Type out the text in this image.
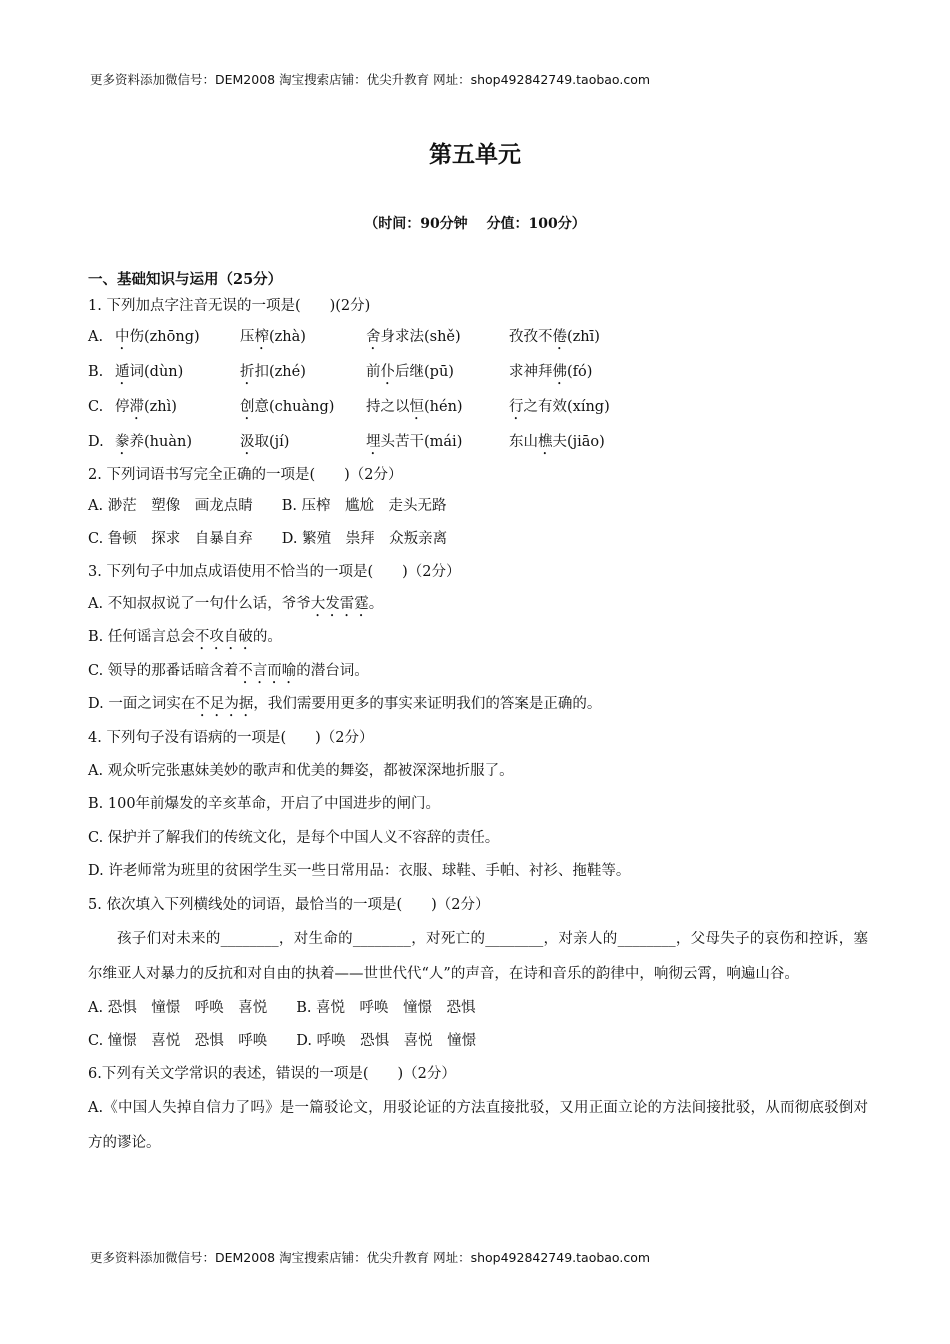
更多资料添加微信号：DEM2008 淘宝搜索店铺：优尖升教育 网址：shop492842749.taobao.com
第五单元
（时间：90分钟　 分值：100分）
一、基础知识与运用（25分）
1. 下列加点字注音无误的一项是(　　)(2分)
A. 中伤(zhōng)	压榨(zhà)	舍身求法(shě)	孜孜不倦(zhī)
B. 遁词(dùn)	折扣(zhé)	前仆后继(pū)	求神拜佛(fó)
C. 停滞(zhì)	创意(chuàng) 持之以恒(hén)	行之有效(xíng)
D. 豢养(huàn)	汲取(jí)	埋头苦干(mái)	东山樵夫(jiāo)
2. 下列词语书写完全正确的一项是(　　)（2分）
A. 渺茫　塑像　画龙点睛　　B. 压榨　尴尬　走头无路
C. 鲁顿　探求　自暴自弃　　D. 繁殖　祟拜　众叛亲离
3. 下列句子中加点成语使用不恰当的一项是(　　)（2分）
A. 不知叔叔说了一句什么话，爷爷大发雷霆。
B. 任何谣言总会不攻自破的。
C. 领导的那番话暗含着不言而喻的潜台词。
D. 一面之词实在不足为据，我们需要用更多的事实来证明我们的答案是正确的。
4. 下列句子没有语病的一项是(　　)（2分）
A. 观众听完张惠妹美妙的歌声和优美的舞姿，都被深深地折服了。
B. 100年前爆发的辛亥革命，开启了中国进步的闸门。
C. 保护并了解我们的传统文化，是每个中国人义不容辞的责任。
D. 许老师常为班里的贫困学生买一些日常用品：衣服、球鞋、手帕、衬衫、拖鞋等。
5. 依次填入下列横线处的词语，最恰当的一项是(　　)（2分）
孩子们对未来的________，对生命的________，对死亡的________，对亲人的________，父母失子的哀伤和控诉，塞尔维亚人对暴力的反抗和对自由的执着——世世代代“人”的声音，在诗和音乐的韵律中，响彻云霄，响遍山谷。
A. 恐惧　憧憬　呼唤　喜悦　　B. 喜悦　呼唤　憧憬　恐惧
C. 憧憬　喜悦　恐惧　呼唤　　D. 呼唤　恐惧　喜悦　憧憬
6.下列有关文学常识的表述，错误的一项是(　　)（2分）
A.《中国人失掉自信力了吗》是一篇驳论文，用驳论证的方法直接批驳，又用正面立论的方法间接批驳，从而彻底驳倒对方的谬论。
更多资料添加微信号：DEM2008 淘宝搜索店铺：优尖升教育 网址：shop492842749.taobao.com
